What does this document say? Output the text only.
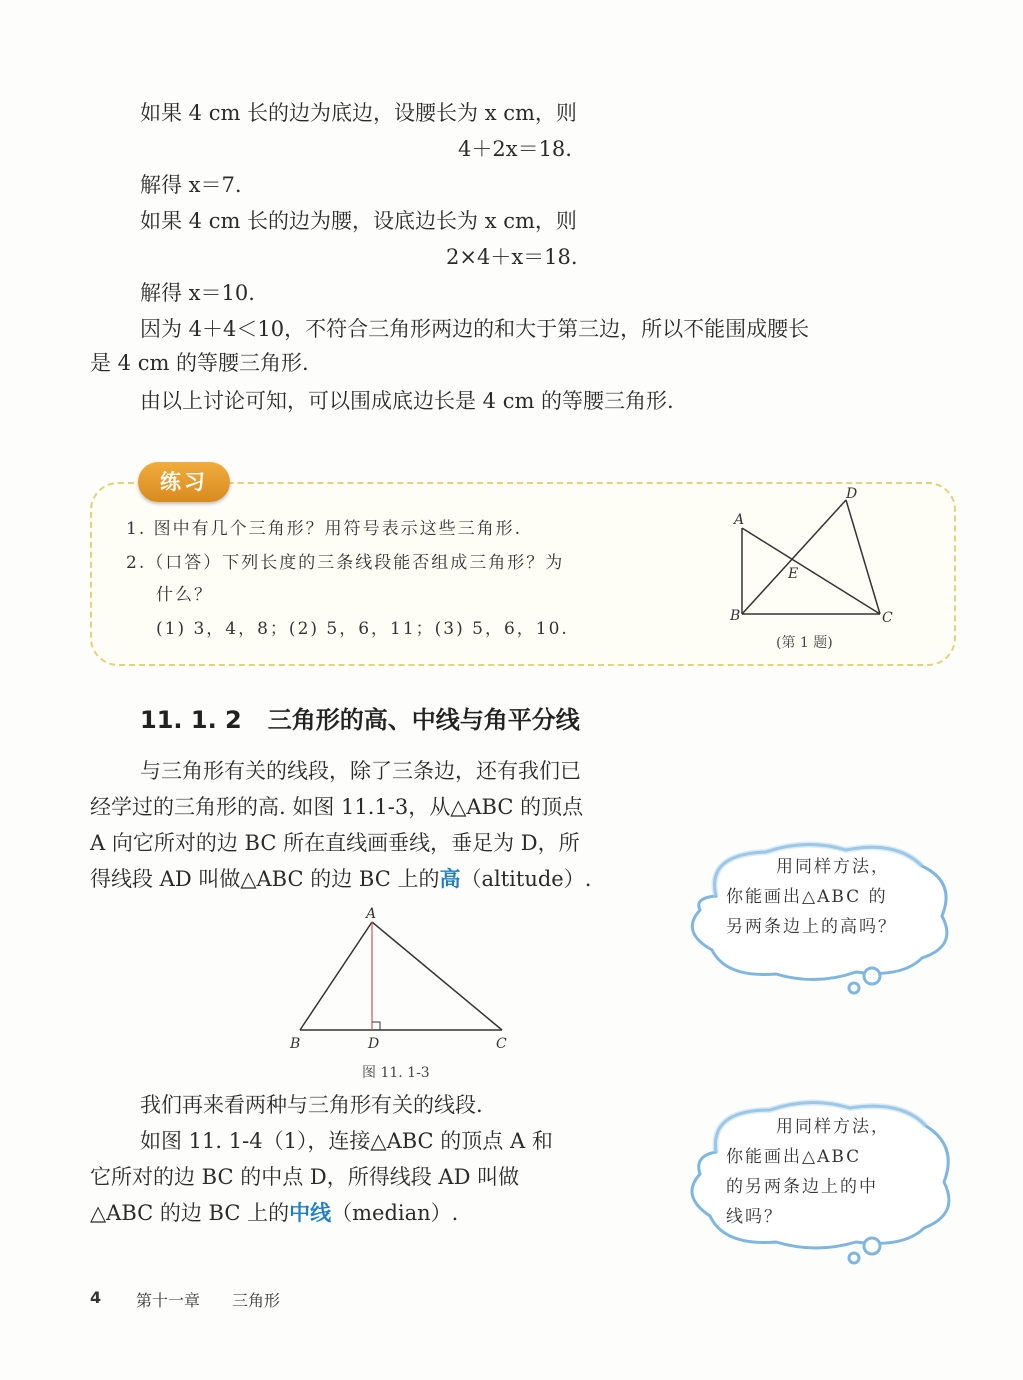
如果 4 cm 长的边为底边，设腰长为 x cm，则
4＋2x＝18.
解得 x＝7.
如果 4 cm 长的边为腰，设底边长为 x cm，则
2×4＋x＝18.
解得 x＝10.
因为 4＋4＜10，不符合三角形两边的和大于第三边，所以不能围成腰长
是 4 cm 的等腰三角形.
由以上讨论可知，可以围成底边长是 4 cm 的等腰三角形.
练习
1. 图中有几个三角形？用符号表示这些三角形.
2.（口答）下列长度的三条线段能否组成三角形？为
什么？
(1) 3，4，8；(2) 5，6，11；(3) 5，6，10.
A
B	C
D
E
(第 1 题)
11. 1. 2 三角形的高、中线与角平分线
与三角形有关的线段，除了三条边，还有我们已
经学过的三角形的高. 如图 11.1-3，从△ABC 的顶点
A 向它所对的边 BC 所在直线画垂线，垂足为 D，所
得线段 AD 叫做△ABC 的边 BC 上的高（altitude）.
A
B	D	C
图 11. 1-3
我们再来看两种与三角形有关的线段.
如图 11. 1-4（1），连接△ABC 的顶点 A 和
它所对的边 BC 的中点 D，所得线段 AD 叫做
△ABC 的边 BC 上的中线（median）.
用同样方法，
你能画出△ABC 的
另两条边上的高吗？
用同样方法，
你能画出△ABC
的另两条边上的中
线吗？
4 第十一章 三角形
